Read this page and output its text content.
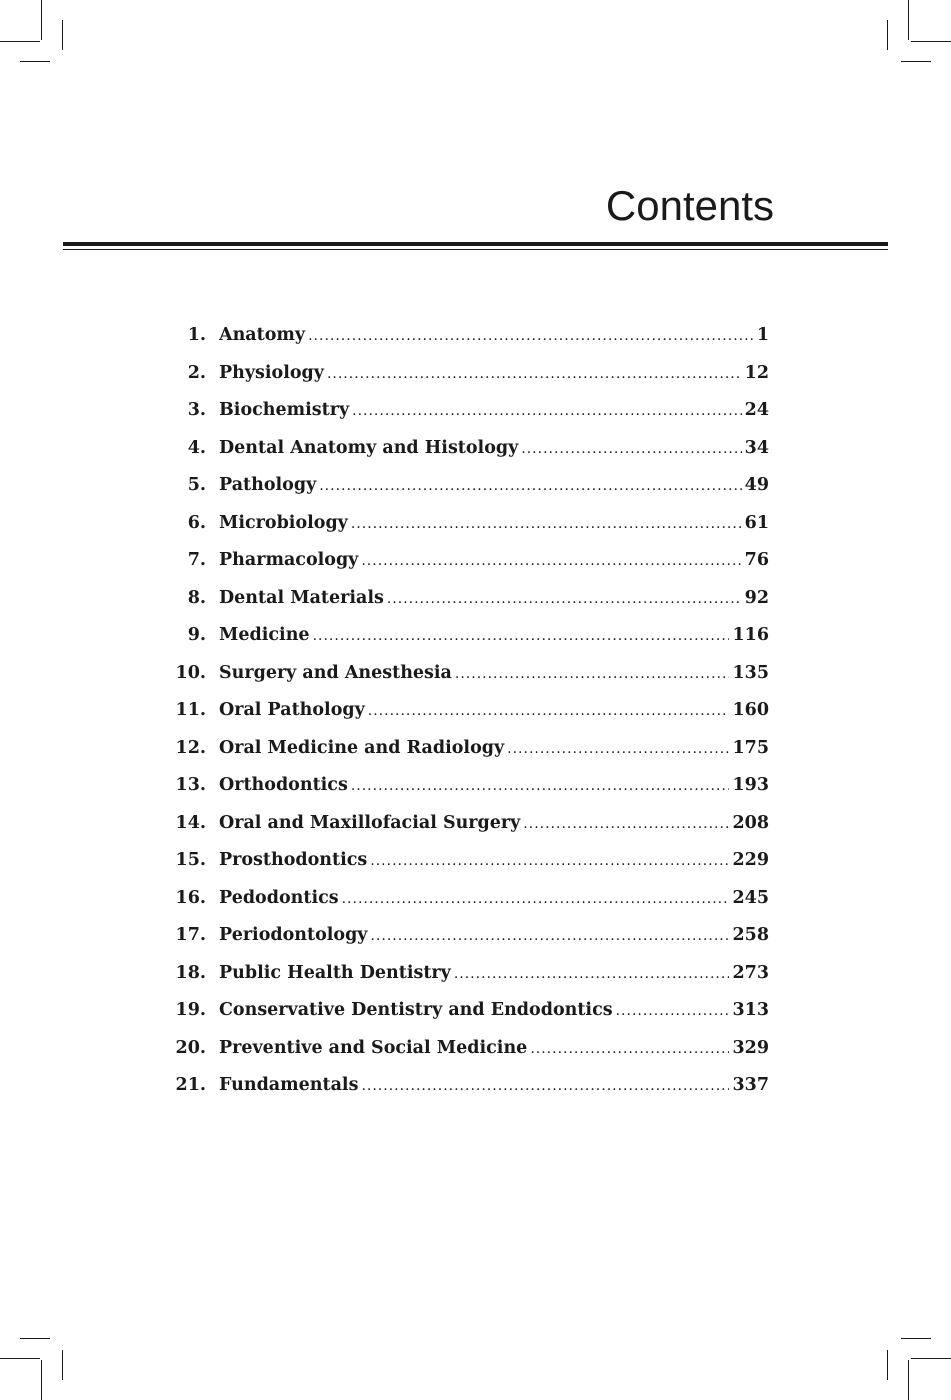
Contents
1. Anatomy .....	1
2. Physiology .....	12
3. Biochemistry .....	24
4. Dental Anatomy and Histology .....	34
5. Pathology .....	49
6. Microbiology .....	61
7. Pharmacology .....	76
8. Dental Materials .....	92
9. Medicine .....	116
10. Surgery and Anesthesia .....	135
11. Oral Pathology .....	160
12. Oral Medicine and Radiology .....	175
13. Orthodontics .....	193
14. Oral and Maxillofacial Surgery .....	208
15. Prosthodontics .....	229
16. Pedodontics .....	245
17. Periodontology .....	258
18. Public Health Dentistry .....	273
19. Conservative Dentistry and Endodontics .....	313
20. Preventive and Social Medicine .....	329
21. Fundamentals .....	337
